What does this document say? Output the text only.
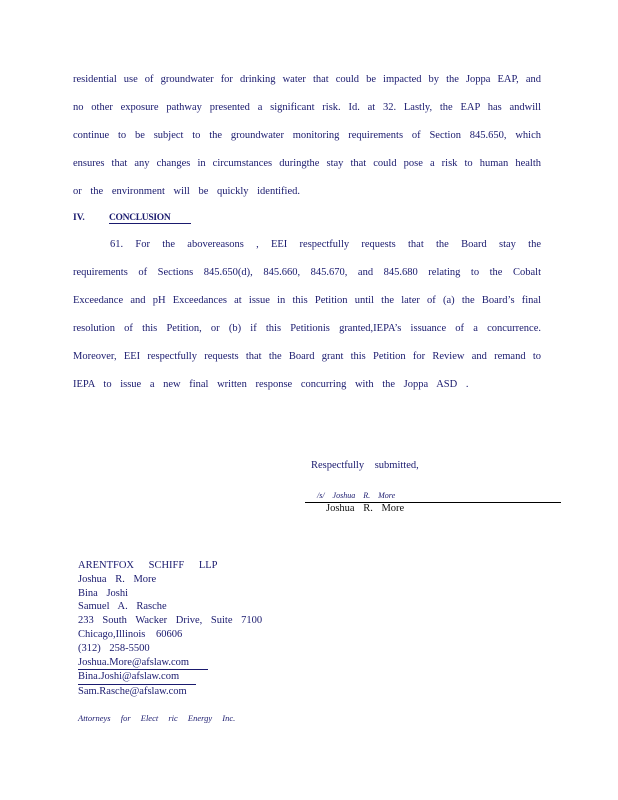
residential use of groundwater for drinking water that could be impacted by the Joppa EAP, and
no other exposure pathway presented a significant risk. Id. at 32. Lastly, the EAP has andwill
continue to be subject to the groundwater monitoring requirements of Section 845.650, which
ensures that any changes in circumstances duringthe stay that could pose a risk to human health
or the environment will be quickly identified.
IV.	CONCLUSION
61. For the abovereasons , EEI respectfully requests that the Board stay the
requirements of Sections 845.650(d), 845.660, 845.670, and 845.680 relating to the Cobalt
Exceedance and pH Exceedances at issue in this Petition until the later of (a) the Board’s final
resolution of this Petition, or (b) if this Petitionis granted,IEPA’s issuance of a concurrence.
Moreover, EEI respectfully requests that the Board grant this Petition for Review and remand to
IEPA to issue a new final written response concurring with the Joppa ASD .
Respectfully submitted,
/s/ Joshua R. More
Joshua R. More
ARENTFOX SCHIFF LLP
Joshua R. More
Bina Joshi
Samuel A. Rasche
233 South Wacker Drive, Suite 7100
Chicago,Illinois 60606
(312) 258-5500
Joshua.More@afslaw.com
Bina.Joshi@afslaw.com
Sam.Rasche@afslaw.com
Attorneys for Elect ric Energy Inc.
